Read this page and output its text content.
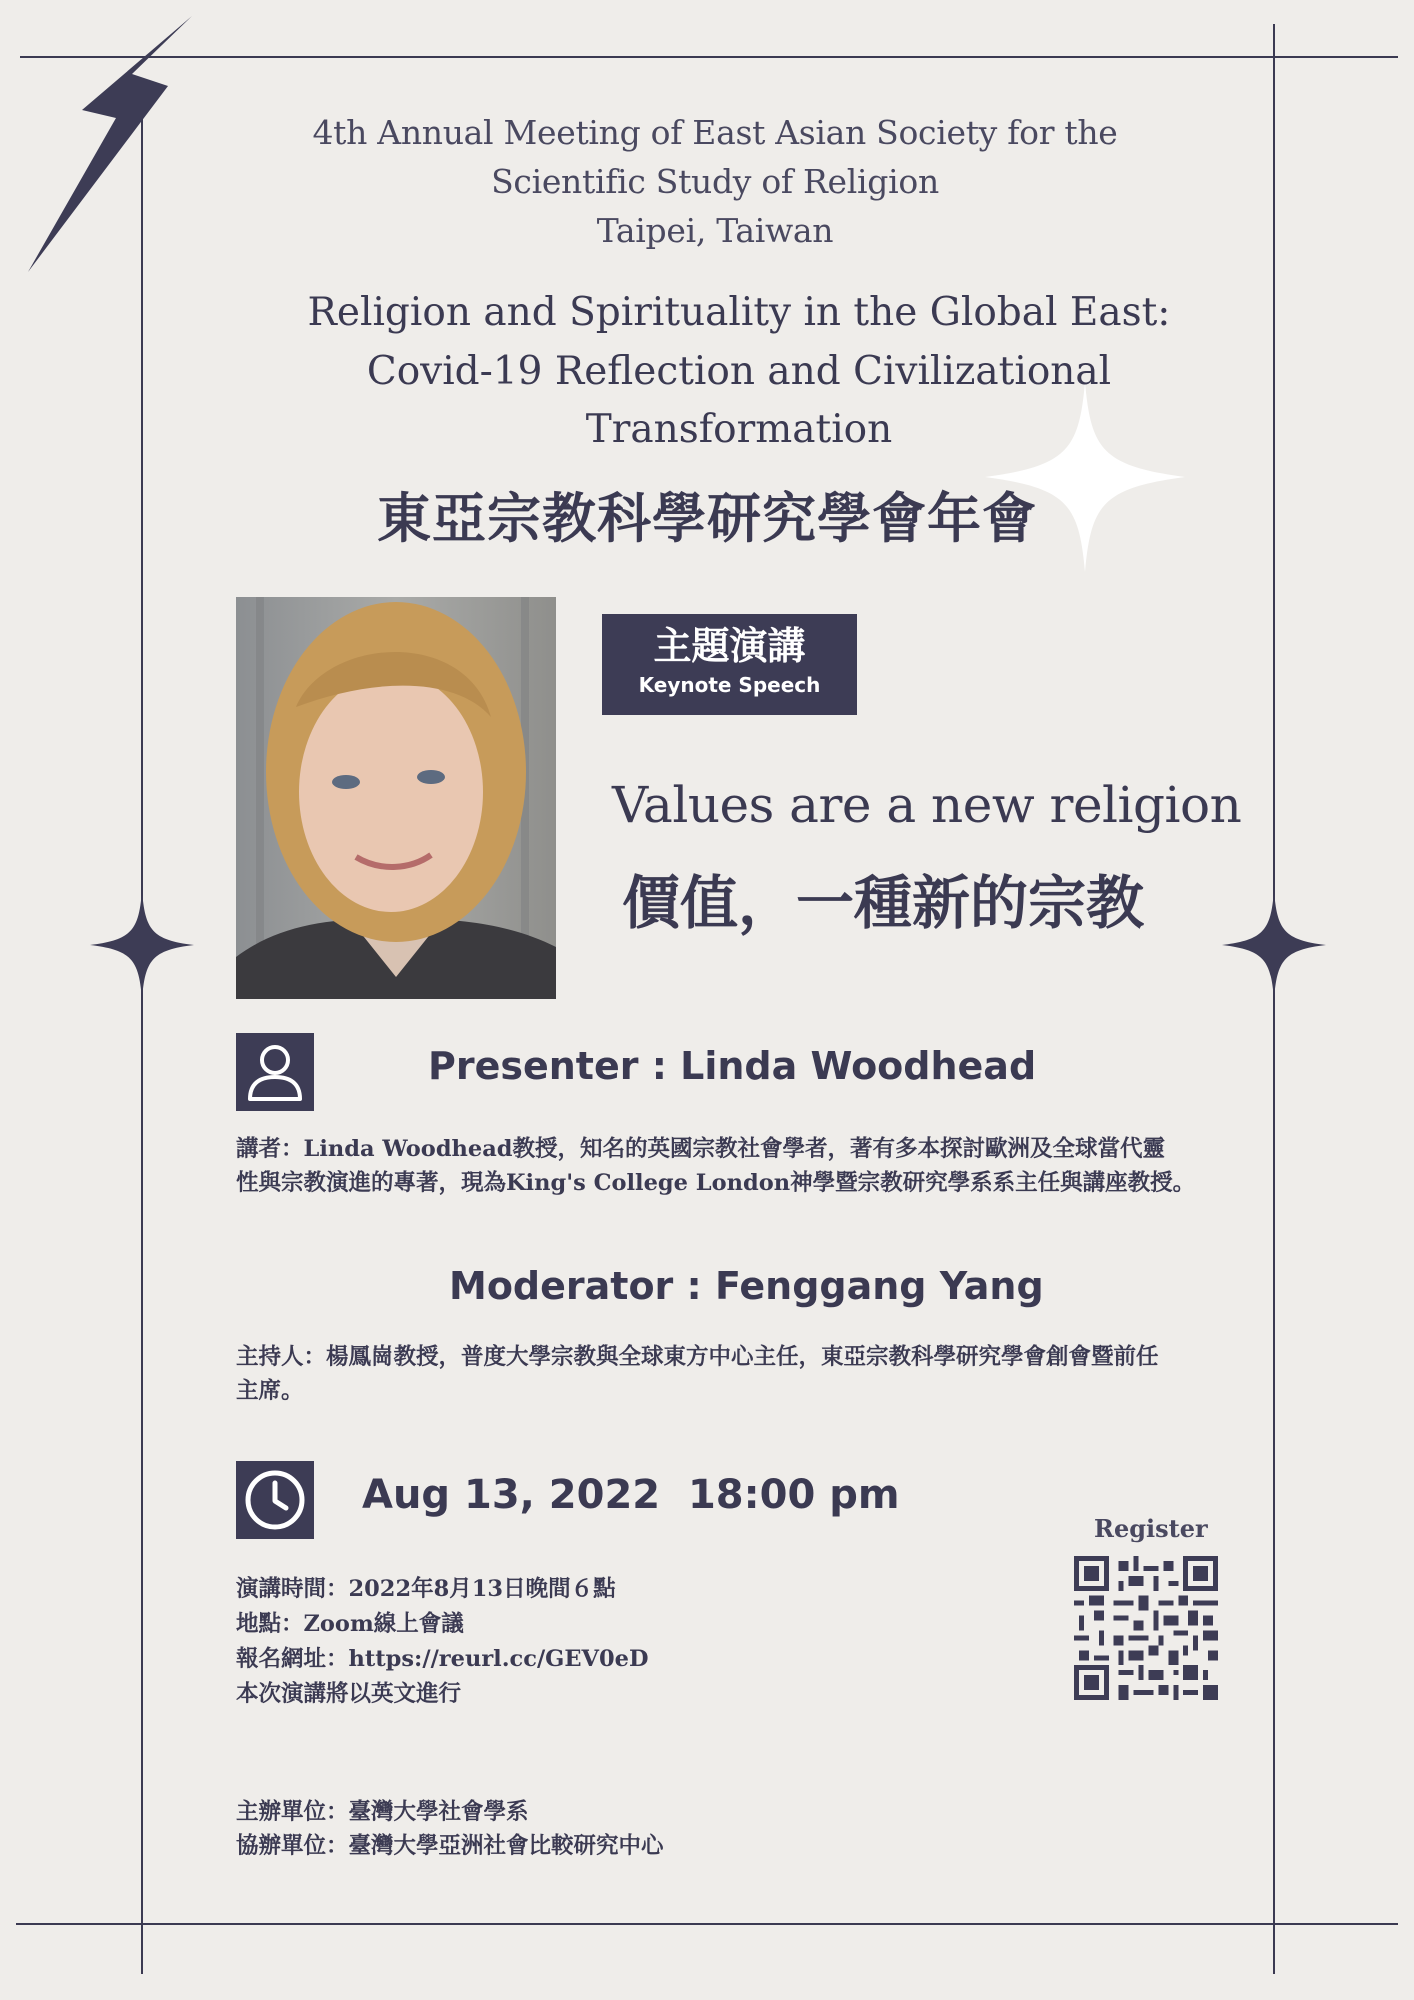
4th Annual Meeting of East Asian Society for the
Scientific Study of Religion
Taipei, Taiwan
Religion and Spirituality in the Global East:
Covid-19 Reflection and Civilizational
Transformation
東亞宗教科學研究學會年會
主題演講
Keynote Speech
Values are a new religion
價值，一種新的宗教
Presenter : Linda Woodhead
講者：Linda Woodhead教授，知名的英國宗教社會學者，著有多本探討歐洲及全球當代靈
性與宗教演進的專著，現為King's College London神學暨宗教研究學系系主任與講座教授。
Moderator : Fenggang Yang
主持人：楊鳳崗教授，普度大學宗教與全球東方中心主任，東亞宗教科學研究學會創會暨前任
主席。
Aug 13, 2022  18:00 pm
演講時間：2022年8月13日晚間６點
地點：Zoom線上會議
報名網址：https://reurl.cc/GEV0eD
本次演講將以英文進行
Register
主辦單位：臺灣大學社會學系
協辦單位：臺灣大學亞洲社會比較研究中心
